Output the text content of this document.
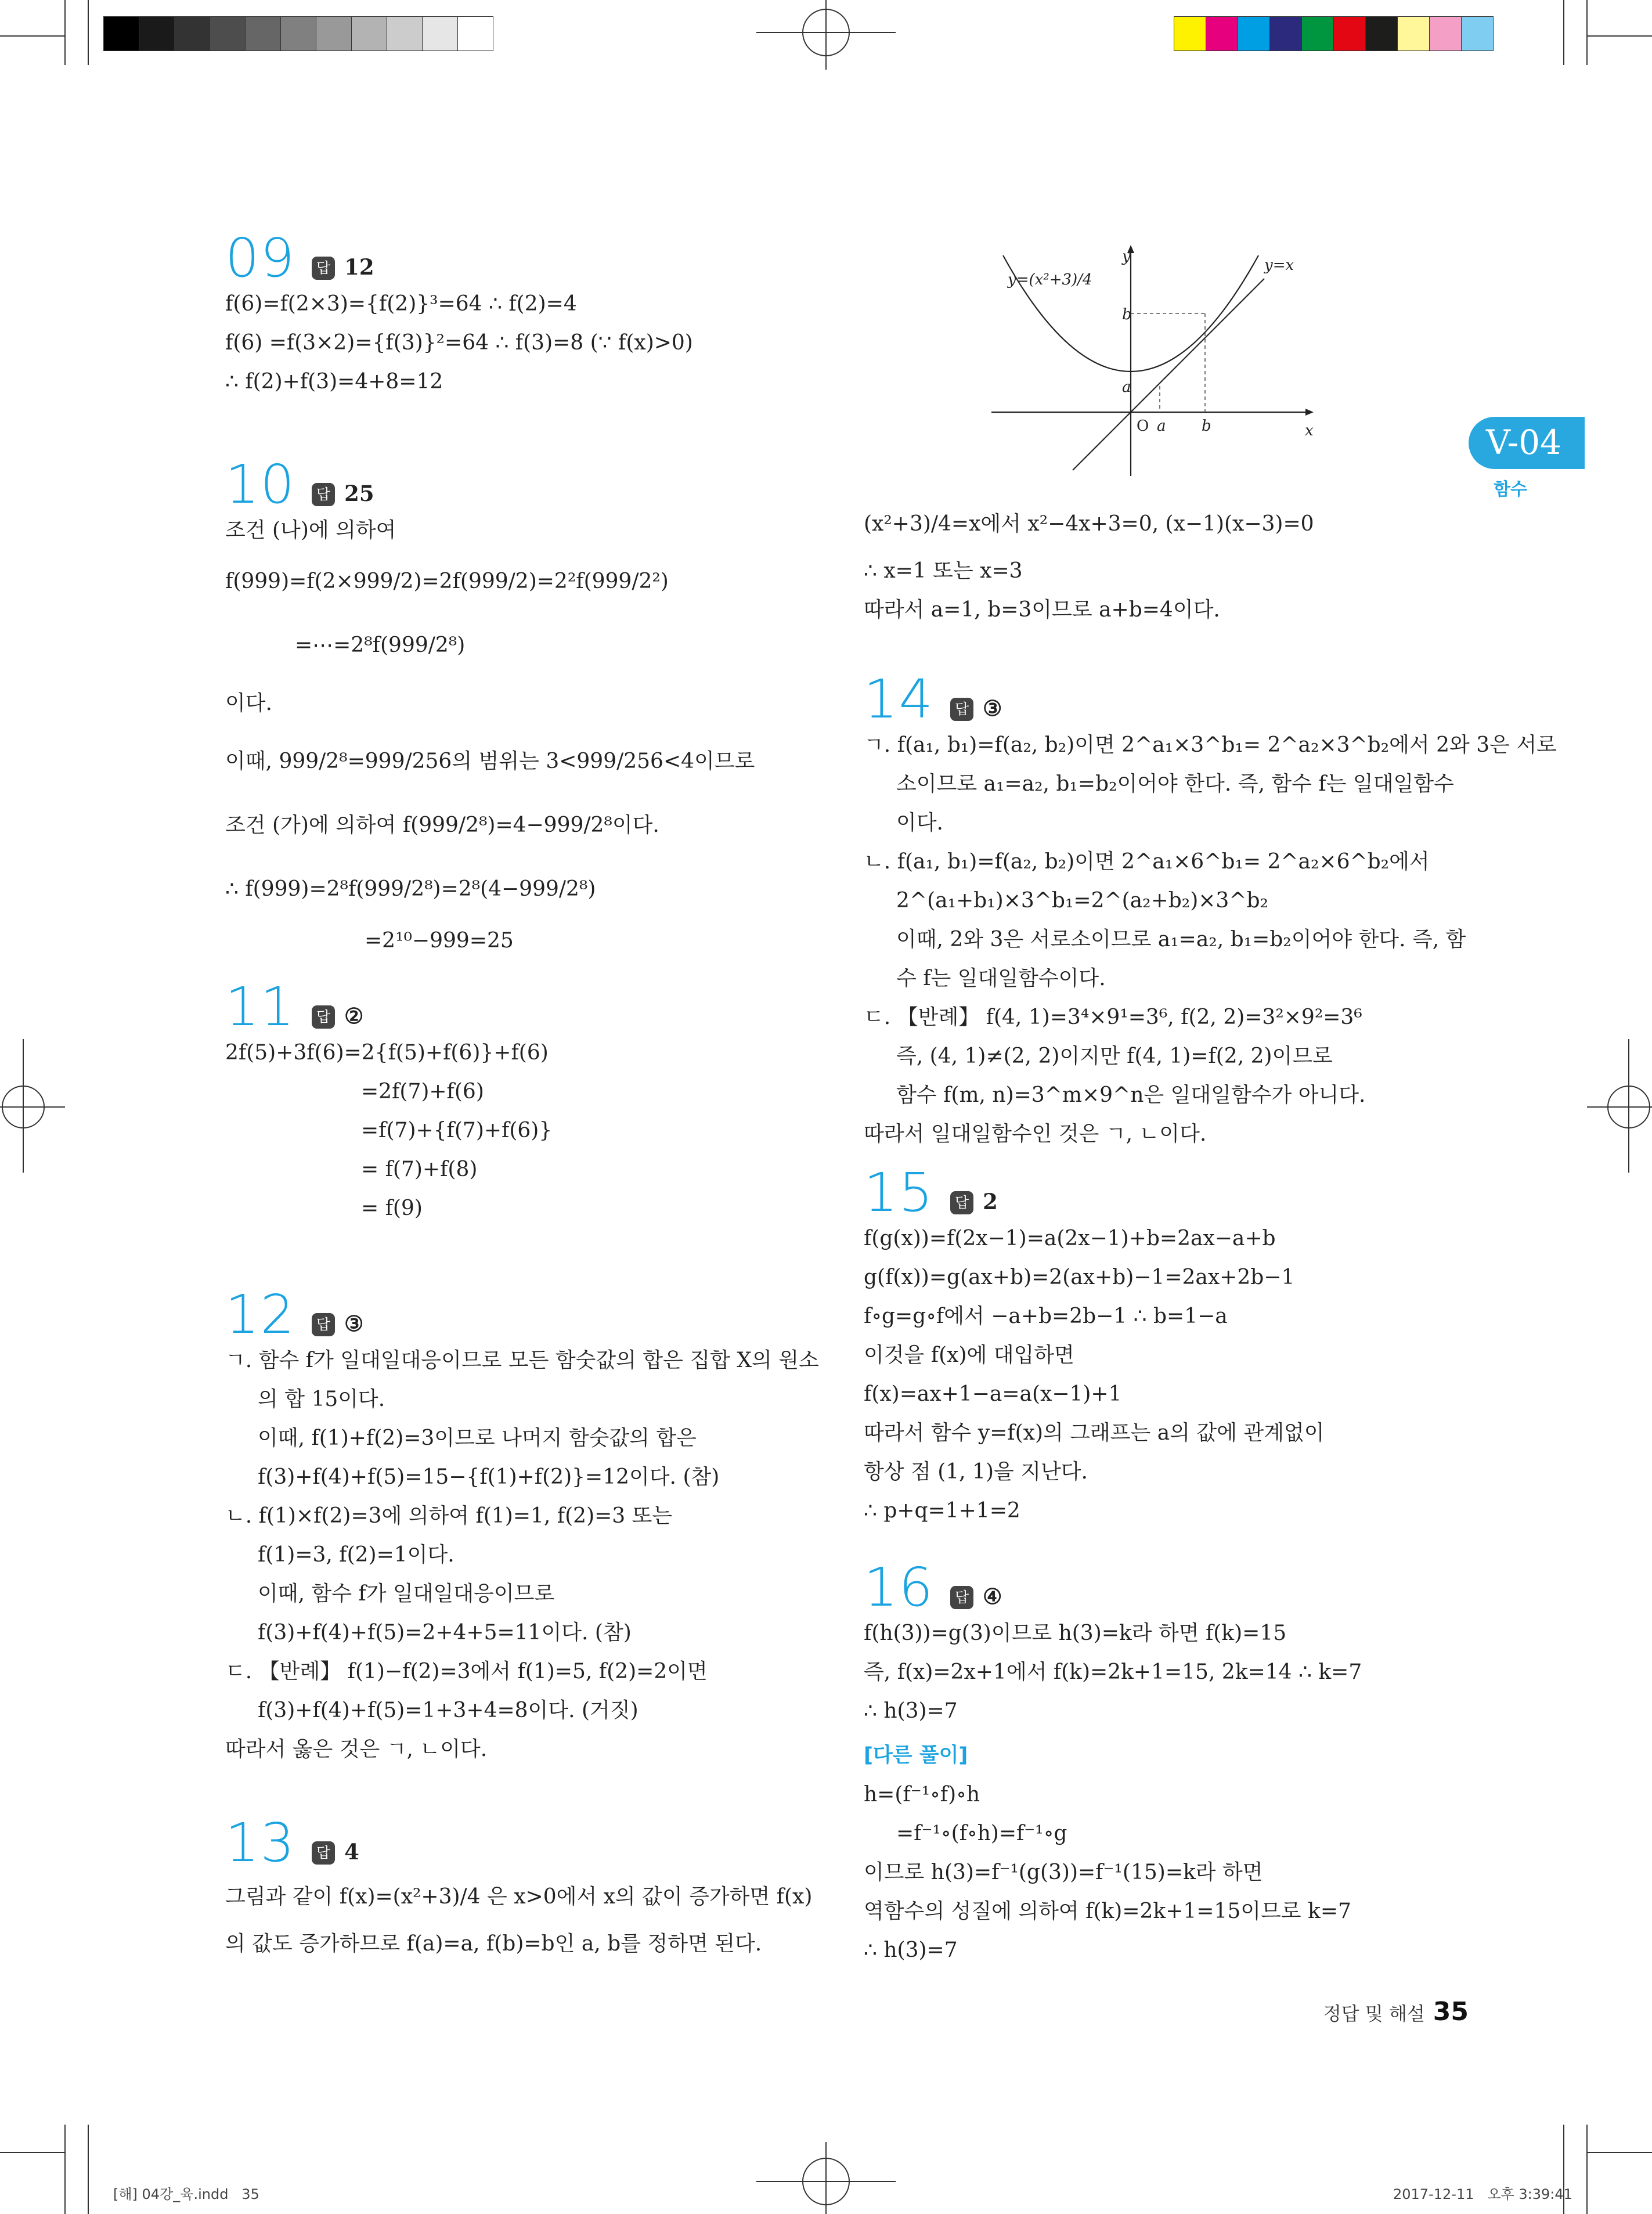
V-04
함수
09	답 12
f(6)=f(2×3)={f(2)}³=64 ∴ f(2)=4
f(6) =f(3×2)={f(3)}²=64 ∴ f(3)=8 (∵ f(x)>0)
∴ f(2)+f(3)=4+8=12
10	답 25
조건 (나)에 의하여
f(999)=f(2×999/2)=2f(999/2)=2²f(999/2²)
=⋯=2⁸f(999/2⁸)
이다.
이때, 999/2⁸=999/256의 범위는 3<999/256<4이므로
조건 (가)에 의하여 f(999/2⁸)=4−999/2⁸이다.
∴ f(999)=2⁸f(999/2⁸)=2⁸(4−999/2⁸)
=2¹⁰−999=25
11	답 ②
2f(5)+3f(6)=2{f(5)+f(6)}+f(6)
=2f(7)+f(6)
=f(7)+{f(7)+f(6)}
= f(7)+f(8)
= f(9)
12	답 ③
ㄱ. 함수 f가 일대일대응이므로 모든 함숫값의 합은 집합 X의 원소
의 합 15이다.
이때, f(1)+f(2)=3이므로 나머지 함숫값의 합은
f(3)+f(4)+f(5)=15−{f(1)+f(2)}=12이다. (참)
ㄴ. f(1)×f(2)=3에 의하여 f(1)=1, f(2)=3 또는
f(1)=3, f(2)=1이다.
이때, 함수 f가 일대일대응이므로
f(3)+f(4)+f(5)=2+4+5=11이다. (참)
ㄷ. 【반례】 f(1)−f(2)=3에서 f(1)=5, f(2)=2이면
f(3)+f(4)+f(5)=1+3+4=8이다. (거짓)
따라서 옳은 것은 ㄱ, ㄴ이다.
13	답 4
그림과 같이 f(x)=(x²+3)/4 은 x>0에서 x의 값이 증가하면 f(x)
의 값도 증가하므로 f(a)=a, f(b)=b인 a, b를 정하면 된다.
y
x
b
b
a
a
y=(x²+3)/4
y=x
O
(x²+3)/4=x에서 x²−4x+3=0, (x−1)(x−3)=0
∴ x=1 또는 x=3
따라서 a=1, b=3이므로 a+b=4이다.
14	답 ③
ㄱ. f(a₁, b₁)=f(a₂, b₂)이면 2^a₁×3^b₁= 2^a₂×3^b₂에서 2와 3은 서로
소이므로 a₁=a₂, b₁=b₂이어야 한다. 즉, 함수 f는 일대일함수
이다.
ㄴ. f(a₁, b₁)=f(a₂, b₂)이면 2^a₁×6^b₁= 2^a₂×6^b₂에서
2^(a₁+b₁)×3^b₁=2^(a₂+b₂)×3^b₂
이때, 2와 3은 서로소이므로 a₁=a₂, b₁=b₂이어야 한다. 즉, 함
수 f는 일대일함수이다.
ㄷ. 【반례】 f(4, 1)=3⁴×9¹=3⁶, f(2, 2)=3²×9²=3⁶
즉, (4, 1)≠(2, 2)이지만 f(4, 1)=f(2, 2)이므로
함수 f(m, n)=3^m×9^n은 일대일함수가 아니다.
따라서 일대일함수인 것은 ㄱ, ㄴ이다.
15	답 2
f(g(x))=f(2x−1)=a(2x−1)+b=2ax−a+b
g(f(x))=g(ax+b)=2(ax+b)−1=2ax+2b−1
f∘g=g∘f에서 −a+b=2b−1 ∴ b=1−a
이것을 f(x)에 대입하면
f(x)=ax+1−a=a(x−1)+1
따라서 함수 y=f(x)의 그래프는 a의 값에 관계없이
항상 점 (1, 1)을 지난다.
∴ p+q=1+1=2
16	답 ④
f(h(3))=g(3)이므로 h(3)=k라 하면 f(k)=15
즉, f(x)=2x+1에서 f(k)=2k+1=15, 2k=14 ∴ k=7
∴ h(3)=7
[다른 풀이]
h=(f⁻¹∘f)∘h
=f⁻¹∘(f∘h)=f⁻¹∘g
이므로 h(3)=f⁻¹(g(3))=f⁻¹(15)=k라 하면
역함수의 성질에 의하여 f(k)=2k+1=15이므로 k=7
∴ h(3)=7
정답 및 해설 35
[해] 04강_육.indd   35	2017-12-11   오후 3:39:41
